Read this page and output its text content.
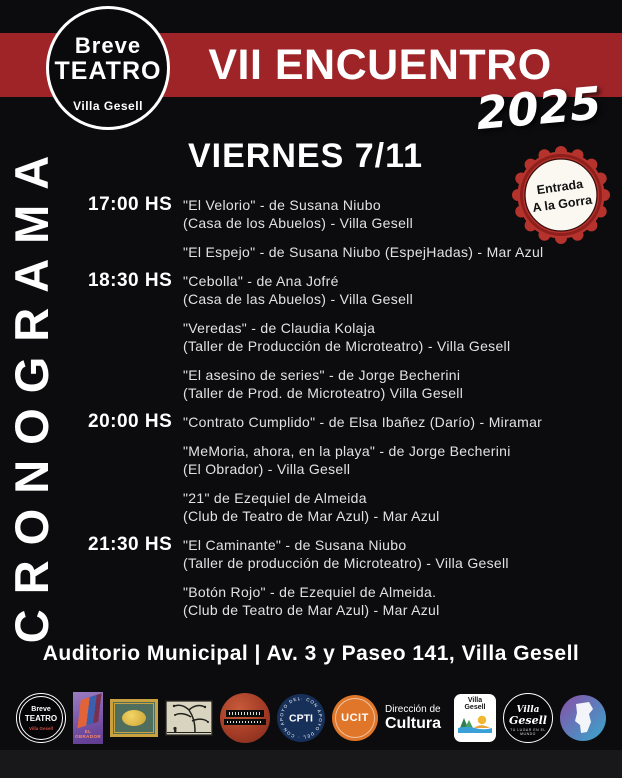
Breve
TEATRO
Villa Gesell
VII ENCUENTRO
2025
CRONOGRAMA	Entrada
A la Gorra
VIERNES 7/11
17:00 HS "El Velorio" - de Susana Niubo
(Casa de los Abuelos) - Villa Gesell
"El Espejo" - de Susana Niubo (EspejHadas) - Mar Azul
18:30 HS "Cebolla" - de Ana Jofré
(Casa de las Abuelos) - Villa Gesell
"Veredas" - de Claudia Kolaja
(Taller de Producción de Microteatro) - Villa Gesell
"El asesino de series" - de Jorge Becherini
(Taller de Prod. de Microteatro) Villa Gesell
20:00 HS "Contrato Cumplido" - de Elsa Ibañez (Darío) - Miramar
"MeMoria, ahora, en la playa" - de Jorge Becherini
(El Obrador) - Villa Gesell
"21" de Ezequiel de Almeida
(Club de Teatro de Mar Azul) - Mar Azul
21:30 HS "El Caminante" - de Susana Niubo
(Taller de producción de Microteatro) - Villa Gesell
"Botón Rojo" - de Ezequiel de Almeida.
(Club de Teatro de Mar Azul) - Mar Azul
Auditorio Municipal | Av. 3 y Paseo 141, Villa Gesell
Breve
TEATRO
Villa Gesell
EL OBRADOR
· CON APOYO DEL · CON APOYO DEL
CPTI	UCIT
Dirección de
Cultura
Villa
Gesell	Villa
Gesell
TU LUGAR EN EL MUNDO
